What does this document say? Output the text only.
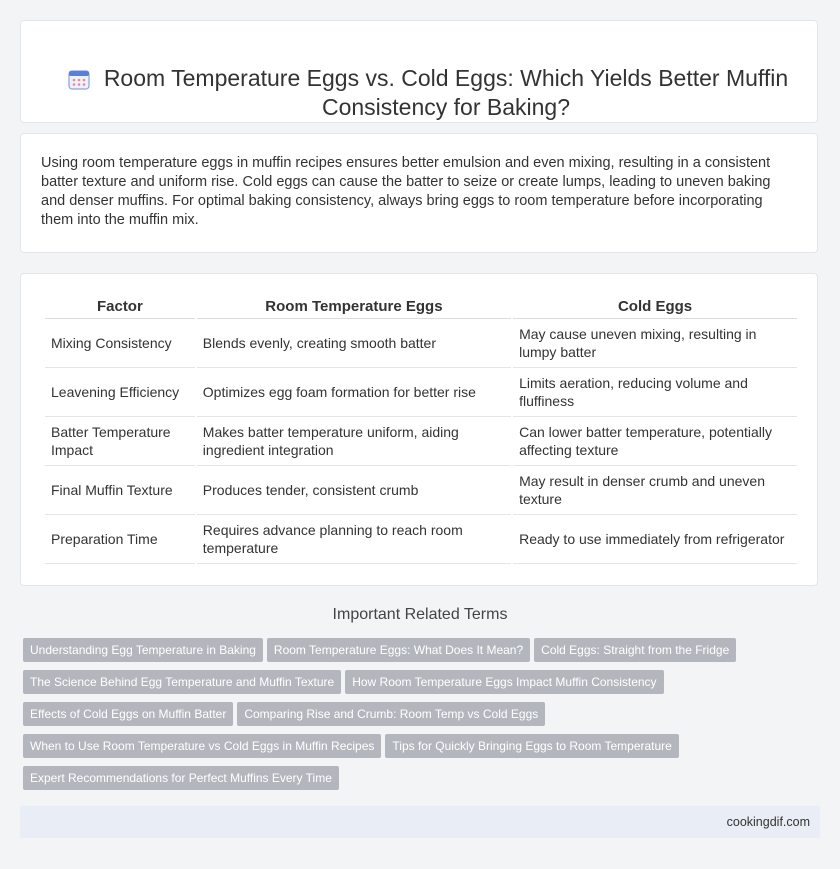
Room Temperature Eggs vs. Cold Eggs: Which Yields Better Muffin Consistency for Baking?

Using room temperature eggs in muffin recipes ensures better emulsion and even mixing, resulting in a consistent batter texture and uniform rise. Cold eggs can cause the batter to seize or create lumps, leading to uneven baking and denser muffins. For optimal baking consistency, always bring eggs to room temperature before incorporating them into the muffin mix.

Factor	Room Temperature Eggs	Cold Eggs
Mixing Consistency	Blends evenly, creating smooth batter	May cause uneven mixing, resulting in lumpy batter
Leavening Efficiency	Optimizes egg foam formation for better rise	Limits aeration, reducing volume and fluffiness
Batter Temperature Impact	Makes batter temperature uniform, aiding ingredient integration	Can lower batter temperature, potentially affecting texture
Final Muffin Texture	Produces tender, consistent crumb	May result in denser crumb and uneven texture
Preparation Time	Requires advance planning to reach room temperature	Ready to use immediately from refrigerator
Important Related Terms
Understanding Egg Temperature in Baking Room Temperature Eggs: What Does It Mean? Cold Eggs: Straight from the Fridge
The Science Behind Egg Temperature and Muffin Texture How Room Temperature Eggs Impact Muffin Consistency
Effects of Cold Eggs on Muffin Batter Comparing Rise and Crumb: Room Temp vs Cold Eggs
When to Use Room Temperature vs Cold Eggs in Muffin Recipes Tips for Quickly Bringing Eggs to Room Temperature
Expert Recommendations for Perfect Muffins Every Time
cookingdif.com
